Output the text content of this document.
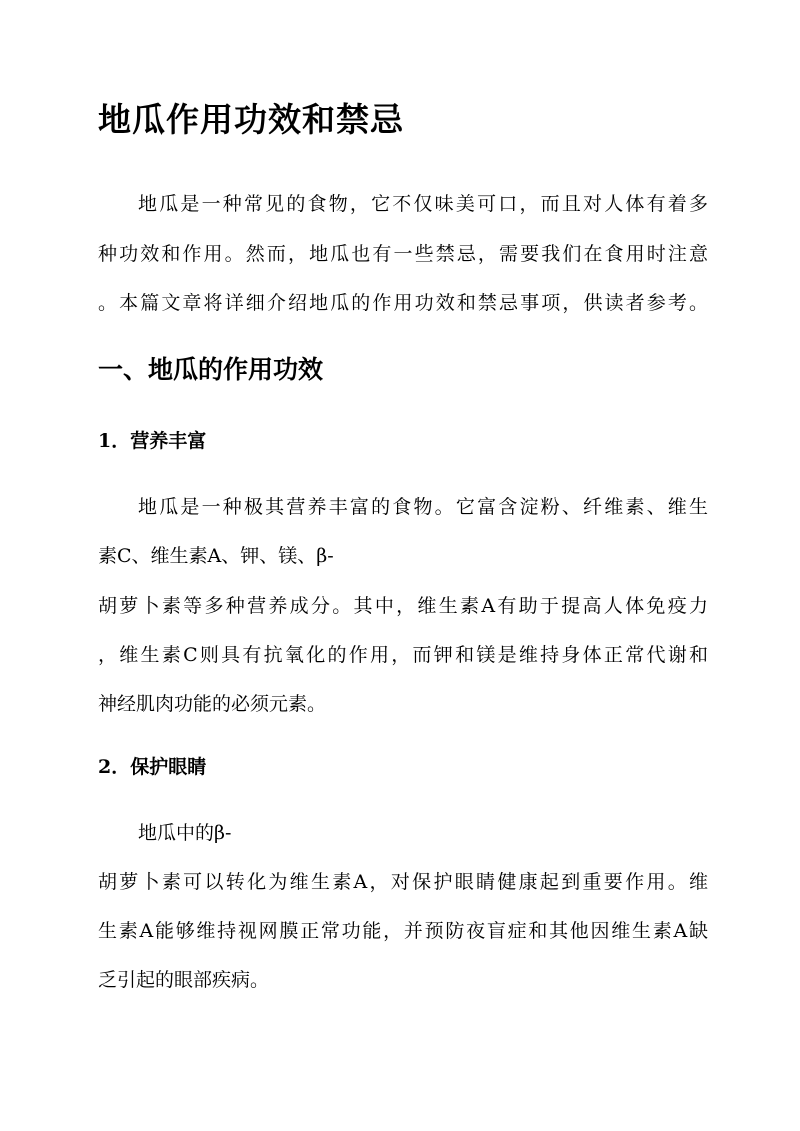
地瓜作用功效和禁忌

地瓜是一种常见的食物，它不仅味美可口，而且对人体有着多

种功效和作用。然而，地瓜也有一些禁忌，需要我们在食用时注意

。本篇文章将详细介绍地瓜的作用功效和禁忌事项，供读者参考。

一、地瓜的作用功效
1．营养丰富

地瓜是一种极其营养丰富的食物。它富含淀粉、纤维素、维生

素C、维生素A、钾、镁、β-

胡萝卜素等多种营养成分。其中，维生素A有助于提高人体免疫力

，维生素C则具有抗氧化的作用，而钾和镁是维持身体正常代谢和

神经肌肉功能的必须元素。

2．保护眼睛

地瓜中的β-

胡萝卜素可以转化为维生素A，对保护眼睛健康起到重要作用。维

生素A能够维持视网膜正常功能，并预防夜盲症和其他因维生素A缺

乏引起的眼部疾病。
